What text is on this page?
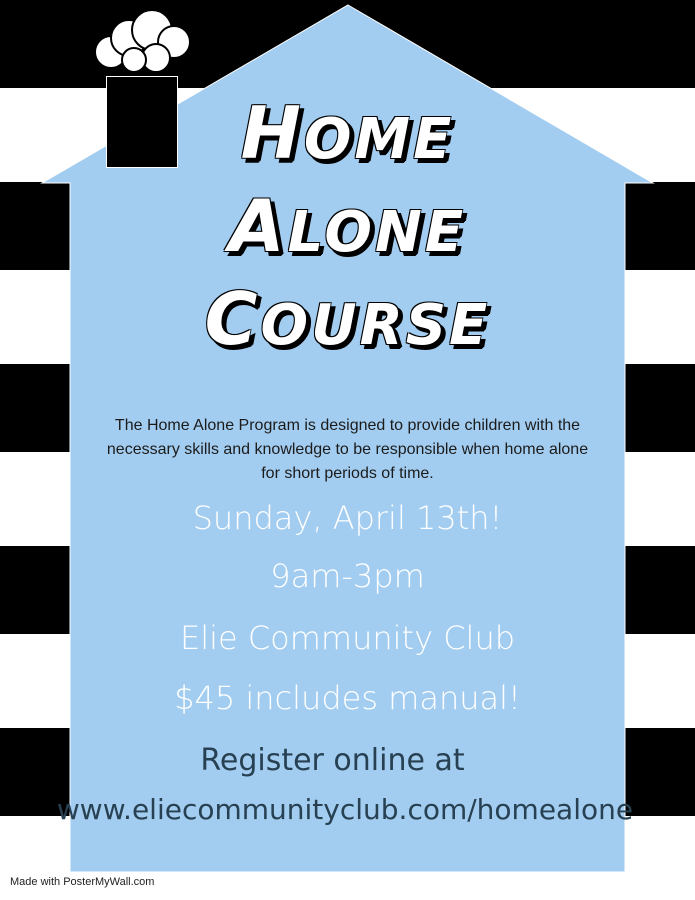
HOME
ALONE
COURSE

The Home Alone Program is designed to provide children with the necessary skills and knowledge to be responsible when home alone for short periods of time.

Sunday, April 13th!
9am-3pm
Elie Community Club
$45 includes manual!
Register online at
www.eliecommunityclub.com/homealone
Made with PosterMyWall.com
